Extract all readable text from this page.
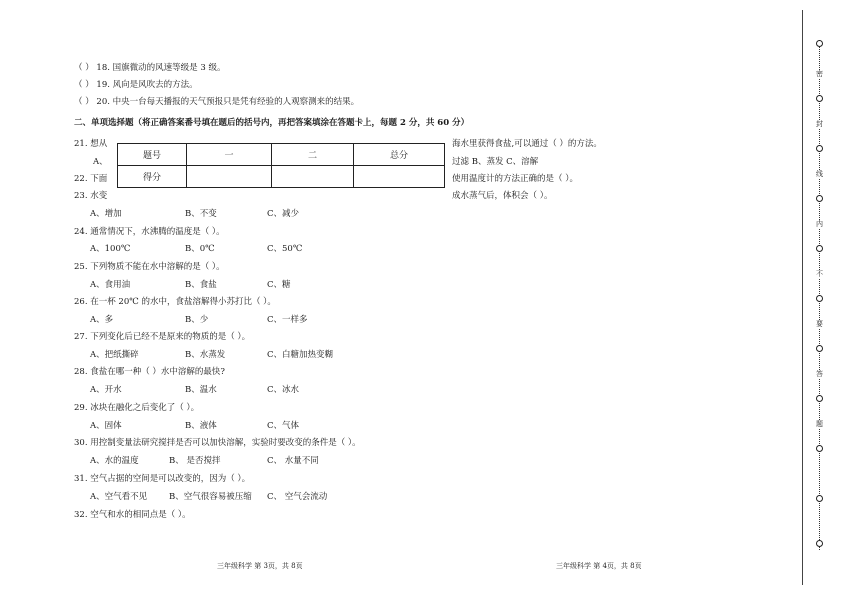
（ ） 18. 国旗微动的风速等级是 3 级。
（ ） 19. 风向是风吹去的方法。
（ ） 20. 中央一台每天播报的天气预报只是凭有经验的人观察测来的结果。
二、单项选择题（将正确答案番号填在题后的括号内，再把答案填涂在答题卡上，每题 2 分，共 60 分）
21. 想从	海水里获得食盐,可以通过（ ）的方法。
A、	过滤 B、蒸发 C、溶解
22. 下面	使用温度计的方法正确的是（ ）。
23. 水变	成水蒸气后，体积会（ ）。
A、增加	B、不变	C、减少
题号	一	二	总分
得分			
24. 通常情况下，水沸腾的温度是（ ）。
A、100℃	B、0℃	C、50℃
25. 下列物质不能在水中溶解的是（ ）。
A、食用油	B、食盐	C、糖
26. 在一杯 20℃ 的水中，食盐溶解得小苏打比（ ）。
A、多	B、少	C、一样多
27. 下列变化后已经不是原来的物质的是（ ）。
A、把纸撕碎	B、水蒸发	C、白糖加热变糊
28. 食盐在哪一种（ ）水中溶解的最快?
A、开水	B、温水	C、冰水
29. 冰块在融化之后变化了（ ）。
A、固体	B、液体	C、气体
30. 用控制变量法研究搅拌是否可以加快溶解，实验时要改变的条件是（ ）。
A、水的温度	B、 是否搅拌	C、 水量不同
31. 空气占据的空间是可以改变的，因为（ ）。
A、空气看不见	B、空气很容易被压缩 C、 空气会流动
32. 空气和水的相同点是（ ）。
三年级科学 第 3页，共 8页	三年级科学 第 4页，共 8页
密
封
线
内
不
要
答
题
